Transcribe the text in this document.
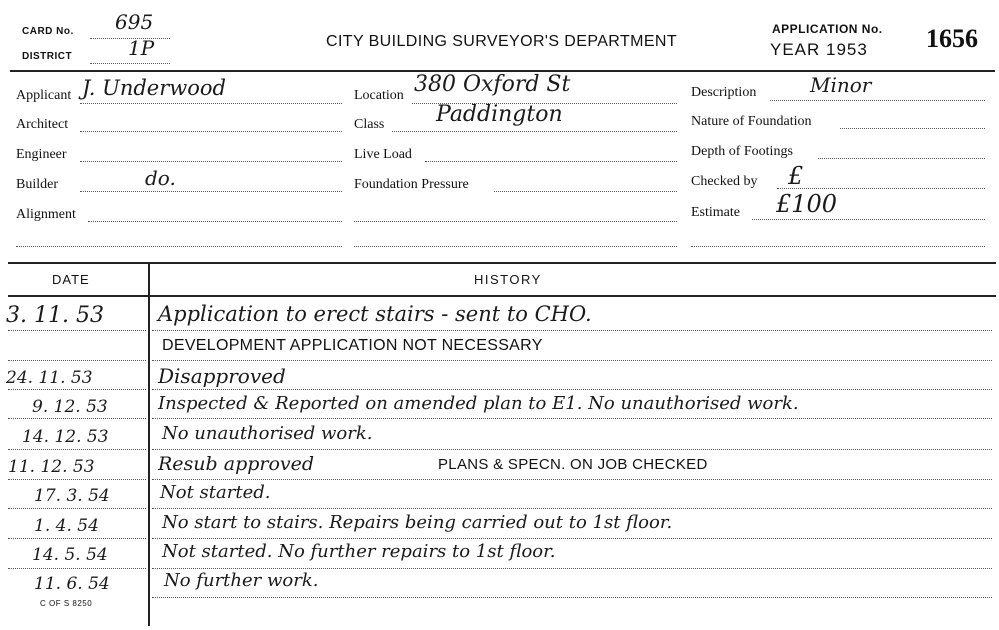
CARD No. 695
DISTRICT	1P	CITY BUILDING SURVEYOR'S DEPARTMENT
APPLICATION No.
YEAR 1953 1656
Applicant J. Underwood
Architect
Engineer
Builder	do.
Alignment
Location 380 Oxford St
Class Paddington
Live Load
Foundation Pressure
Description	Minor
Nature of Foundation
Depth of Footings
Checked by £
Estimate £100
DATE	HISTORY
3. 11. 53	Application to erect stairs - sent to CHO.
DEVELOPMENT APPLICATION NOT NECESSARY
24. 11. 53	Disapproved
9. 12. 53	Inspected & Reported on amended plan to E1. No unauthorised work.
14. 12. 53	No unauthorised work.
11. 12. 53	Resub approved	PLANS & SPECN. ON JOB CHECKED
17. 3. 54	Not started.
1. 4. 54	No start to stairs. Repairs being carried out to 1st floor.
14. 5. 54	Not started. No further repairs to 1st floor.
11. 6. 54	No further work.
C OF S 8250
